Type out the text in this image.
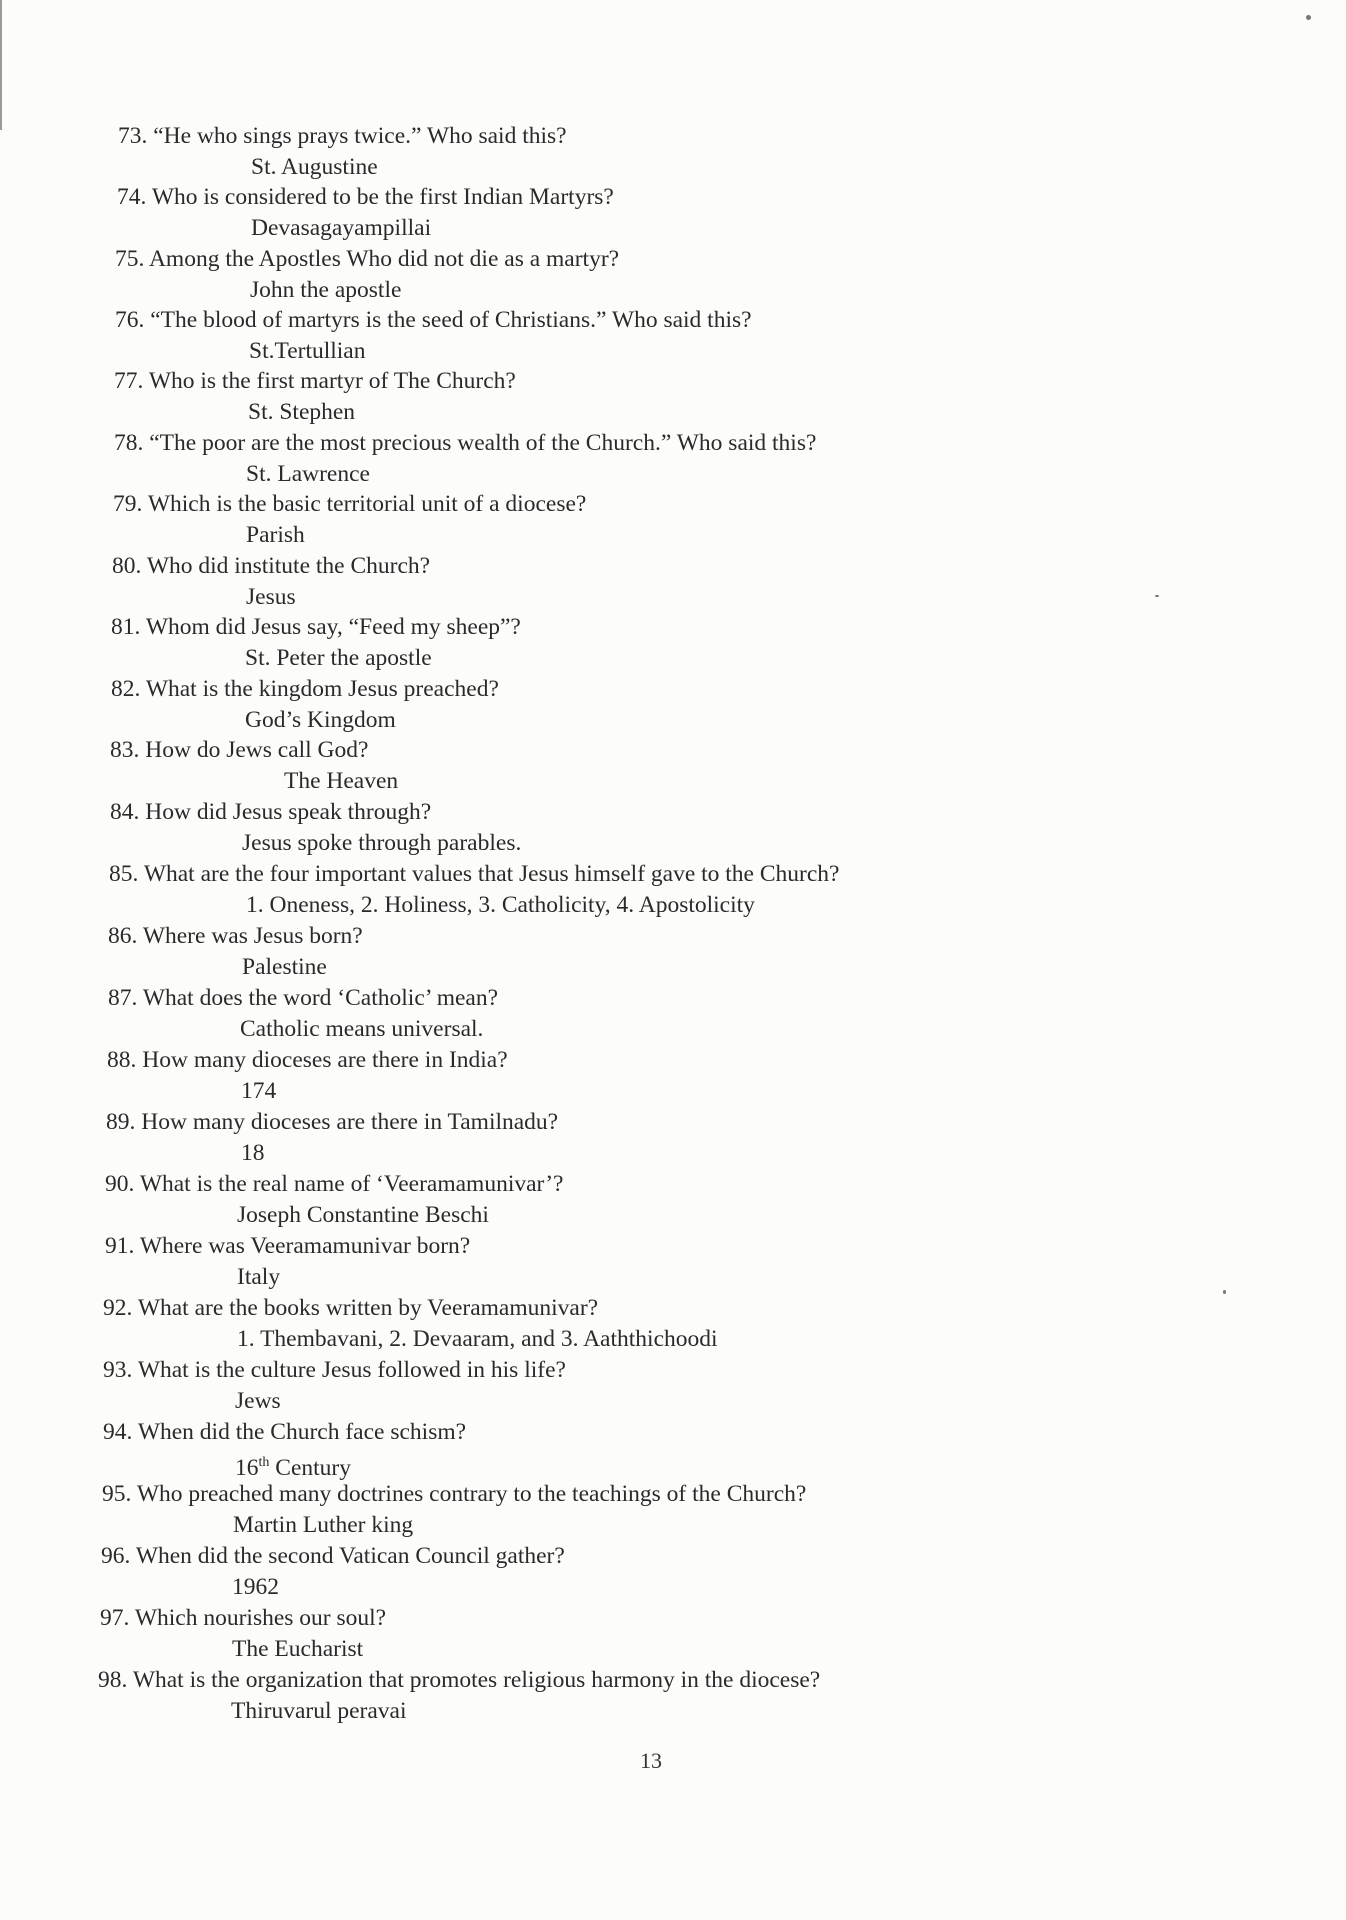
73. “He who sings prays twice.” Who said this?
St. Augustine
74. Who is considered to be the first Indian Martyrs?
Devasagayampillai
75. Among the Apostles Who did not die as a martyr?
John the apostle
76. “The blood of martyrs is the seed of Christians.” Who said this?
St.Tertullian
77. Who is the first martyr of The Church?
St. Stephen
78. “The poor are the most precious wealth of the Church.” Who said this?
St. Lawrence
79. Which is the basic territorial unit of a diocese?
Parish
80. Who did institute the Church?
Jesus
81. Whom did Jesus say, “Feed my sheep”?
St. Peter the apostle
82. What is the kingdom Jesus preached?
God’s Kingdom
83. How do Jews call God?
The Heaven
84. How did Jesus speak through?
Jesus spoke through parables.
85. What are the four important values that Jesus himself gave to the Church?
1. Oneness, 2. Holiness, 3. Catholicity, 4. Apostolicity
86. Where was Jesus born?
Palestine
87. What does the word ‘Catholic’ mean?
Catholic means universal.
88. How many dioceses are there in India?
174
89. How many dioceses are there in Tamilnadu?
18
90. What is the real name of ‘Veeramamunivar’?
Joseph Constantine Beschi
91. Where was Veeramamunivar born?
Italy
92. What are the books written by Veeramamunivar?
1. Thembavani, 2. Devaaram, and 3. Aaththichoodi
93. What is the culture Jesus followed in his life?
Jews
94. When did the Church face schism?
16th Century
95. Who preached many doctrines contrary to the teachings of the Church?
Martin Luther king
96. When did the second Vatican Council gather?
1962
97. Which nourishes our soul?
The Eucharist
98. What is the organization that promotes religious harmony in the diocese?
Thiruvarul peravai
13
